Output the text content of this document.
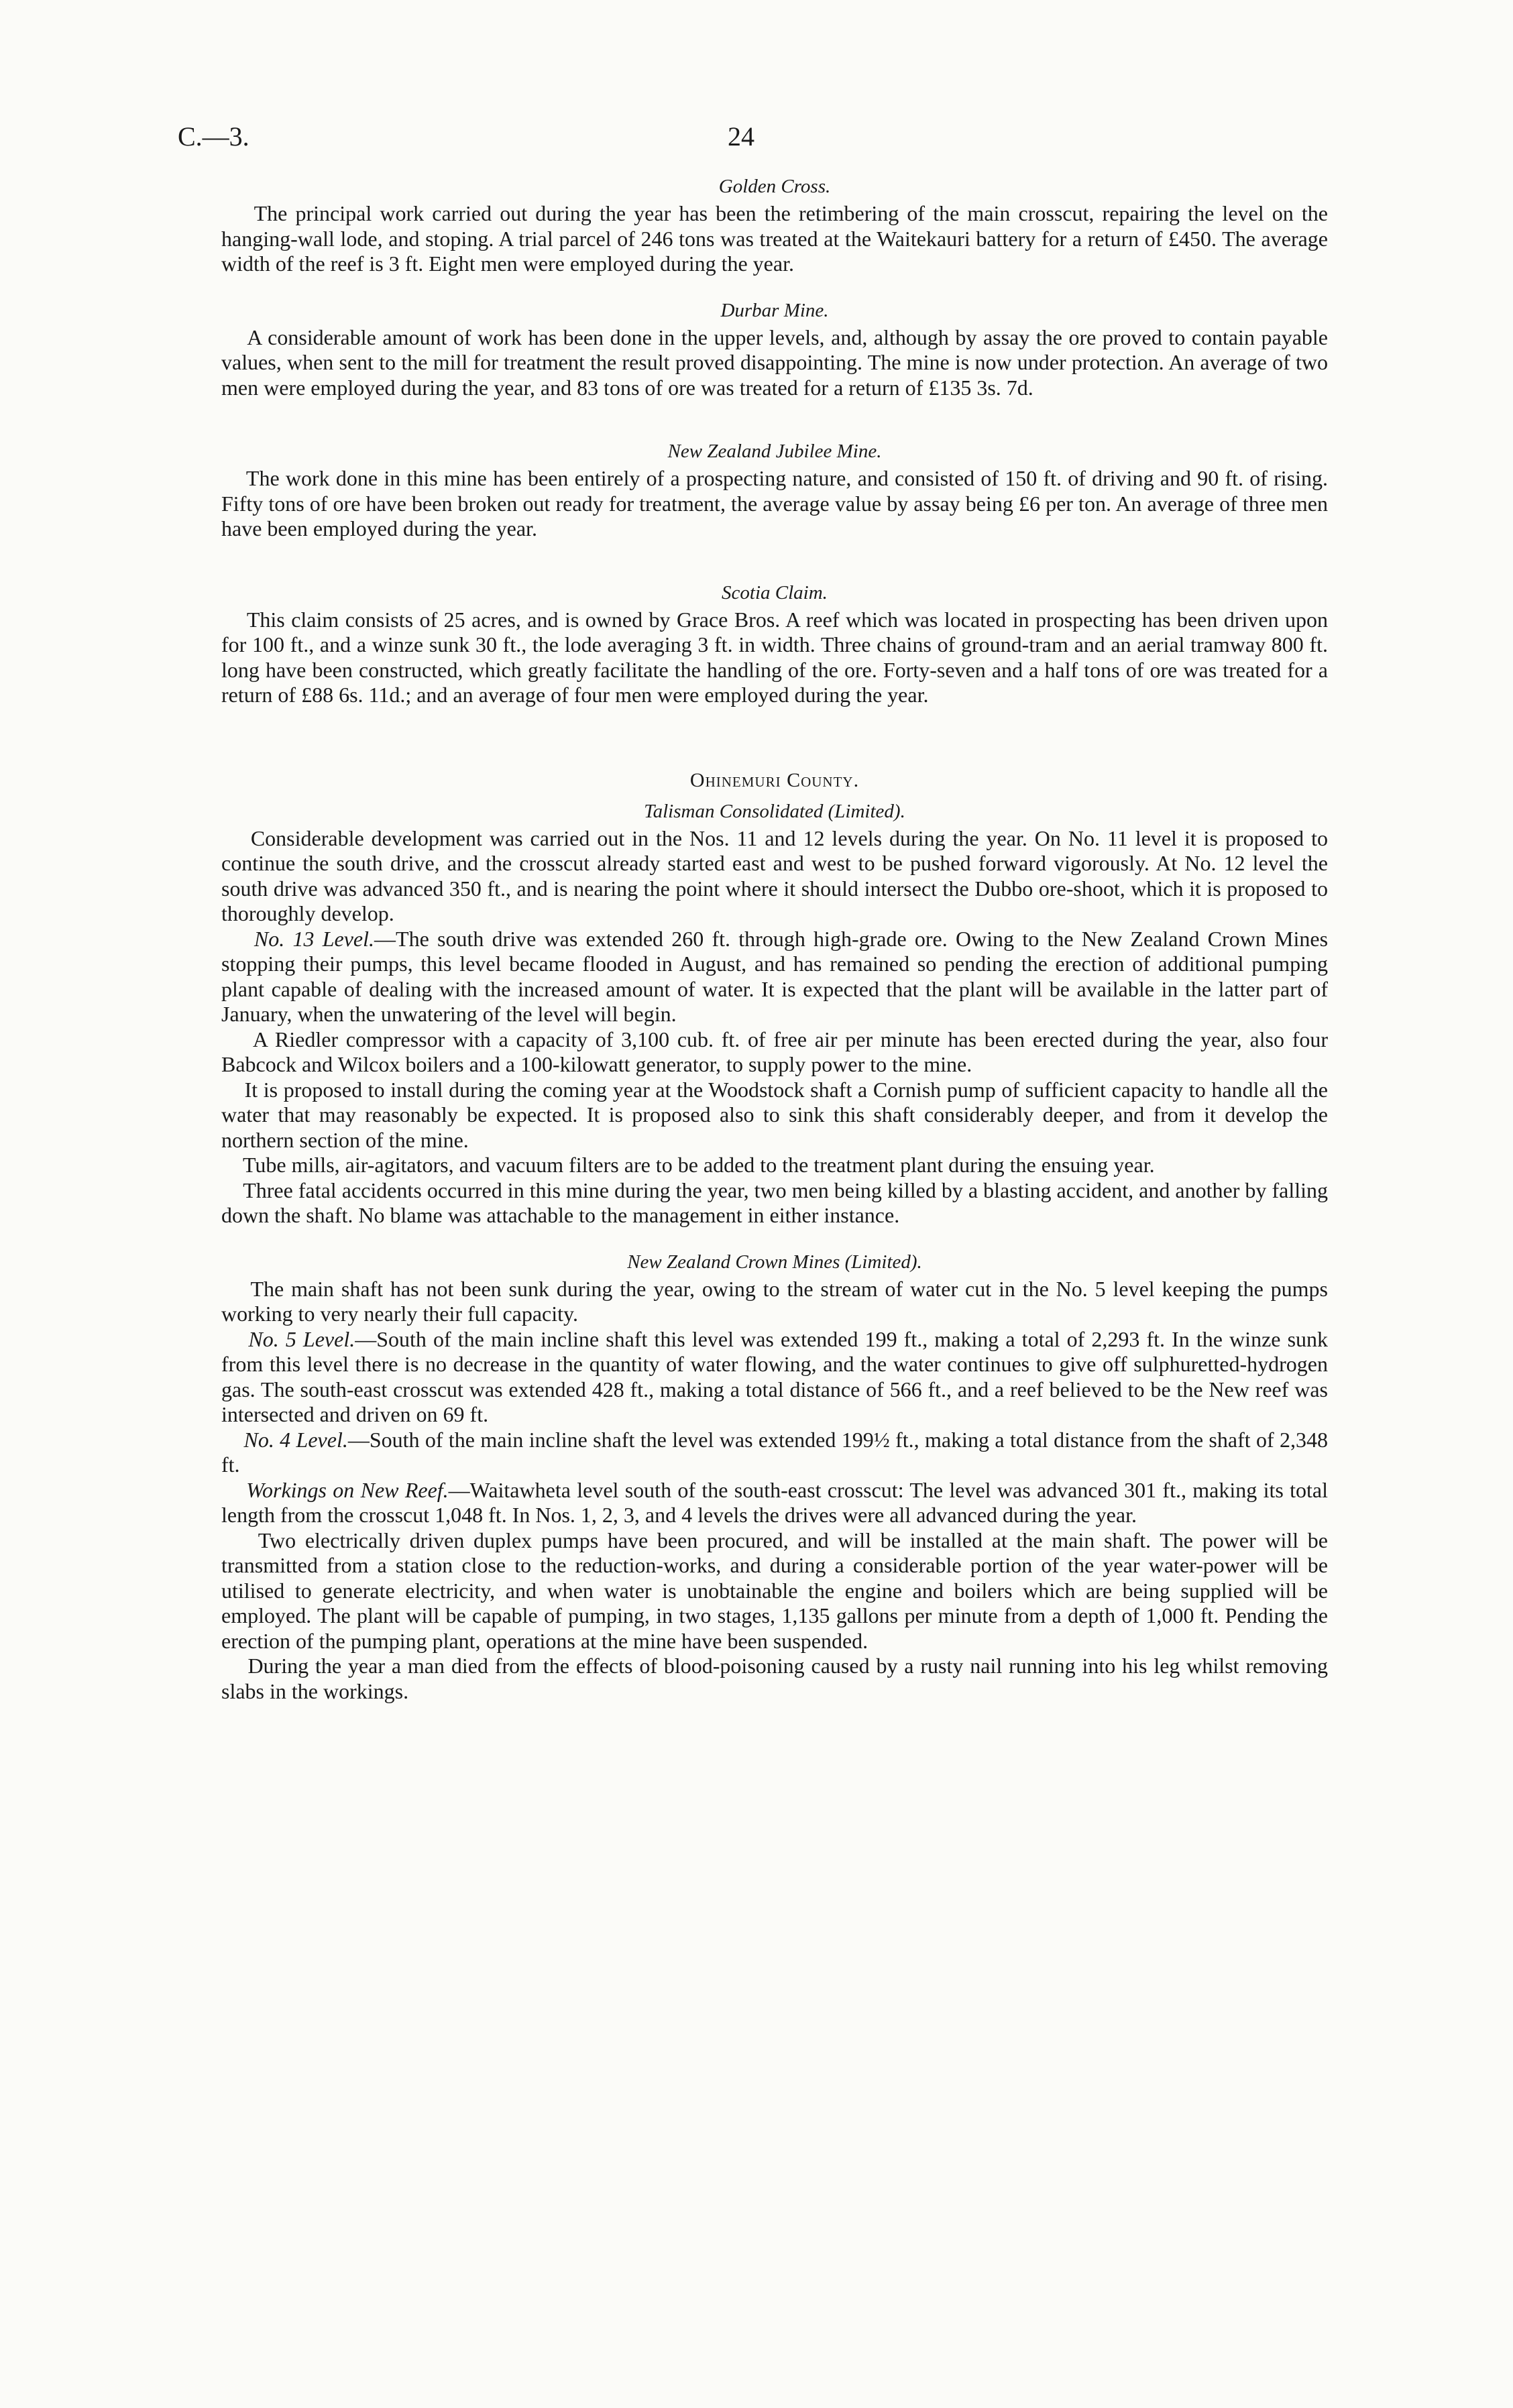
C.—3.	24
Golden Cross.

The principal work carried out during the year has been the retimbering of the main crosscut, repairing the level on the hanging-wall lode, and stoping. A trial parcel of 246 tons was treated at the Waitekauri battery for a return of £450. The average width of the reef is 3 ft. Eight men were employed during the year.

Durbar Mine.

A considerable amount of work has been done in the upper levels, and, although by assay the ore proved to contain payable values, when sent to the mill for treatment the result proved disappointing. The mine is now under protection. An average of two men were employed during the year, and 83 tons of ore was treated for a return of £135 3s. 7d.

New Zealand Jubilee Mine.

The work done in this mine has been entirely of a prospecting nature, and consisted of 150 ft. of driving and 90 ft. of rising. Fifty tons of ore have been broken out ready for treatment, the average value by assay being £6 per ton. An average of three men have been employed during the year.

Scotia Claim.

This claim consists of 25 acres, and is owned by Grace Bros. A reef which was located in prospecting has been driven upon for 100 ft., and a winze sunk 30 ft., the lode averaging 3 ft. in width. Three chains of ground-tram and an aerial tramway 800 ft. long have been constructed, which greatly facilitate the handling of the ore. Forty-seven and a half tons of ore was treated for a return of £88 6s. 11d.; and an average of four men were employed during the year.

Ohinemuri County.
Talisman Consolidated (Limited).

Considerable development was carried out in the Nos. 11 and 12 levels during the year. On No. 11 level it is proposed to continue the south drive, and the crosscut already started east and west to be pushed forward vigorously. At No. 12 level the south drive was advanced 350 ft., and is nearing the point where it should intersect the Dubbo ore-shoot, which it is proposed to thoroughly develop.

No. 13 Level.—The south drive was extended 260 ft. through high-grade ore. Owing to the New Zealand Crown Mines stopping their pumps, this level became flooded in August, and has remained so pending the erection of additional pumping plant capable of dealing with the increased amount of water. It is expected that the plant will be available in the latter part of January, when the unwatering of the level will begin.

A Riedler compressor with a capacity of 3,100 cub. ft. of free air per minute has been erected during the year, also four Babcock and Wilcox boilers and a 100-kilowatt generator, to supply power to the mine.

It is proposed to install during the coming year at the Woodstock shaft a Cornish pump of sufficient capacity to handle all the water that may reasonably be expected. It is proposed also to sink this shaft considerably deeper, and from it develop the northern section of the mine.

Tube mills, air-agitators, and vacuum filters are to be added to the treatment plant during the ensuing year.

Three fatal accidents occurred in this mine during the year, two men being killed by a blasting accident, and another by falling down the shaft. No blame was attachable to the management in either instance.

New Zealand Crown Mines (Limited).

The main shaft has not been sunk during the year, owing to the stream of water cut in the No. 5 level keeping the pumps working to very nearly their full capacity.

No. 5 Level.—South of the main incline shaft this level was extended 199 ft., making a total of 2,293 ft. In the winze sunk from this level there is no decrease in the quantity of water flowing, and the water continues to give off sulphuretted-hydrogen gas. The south-east crosscut was extended 428 ft., making a total distance of 566 ft., and a reef believed to be the New reef was intersected and driven on 69 ft.

No. 4 Level.—South of the main incline shaft the level was extended 199½ ft., making a total distance from the shaft of 2,348 ft.

Workings on New Reef.—Waitawheta level south of the south-east crosscut: The level was advanced 301 ft., making its total length from the crosscut 1,048 ft. In Nos. 1, 2, 3, and 4 levels the drives were all advanced during the year.

Two electrically driven duplex pumps have been procured, and will be installed at the main shaft. The power will be transmitted from a station close to the reduction-works, and during a considerable portion of the year water-power will be utilised to generate electricity, and when water is unobtainable the engine and boilers which are being supplied will be employed. The plant will be capable of pumping, in two stages, 1,135 gallons per minute from a depth of 1,000 ft. Pending the erection of the pumping plant, operations at the mine have been suspended.

During the year a man died from the effects of blood-poisoning caused by a rusty nail running into his leg whilst removing slabs in the workings.
